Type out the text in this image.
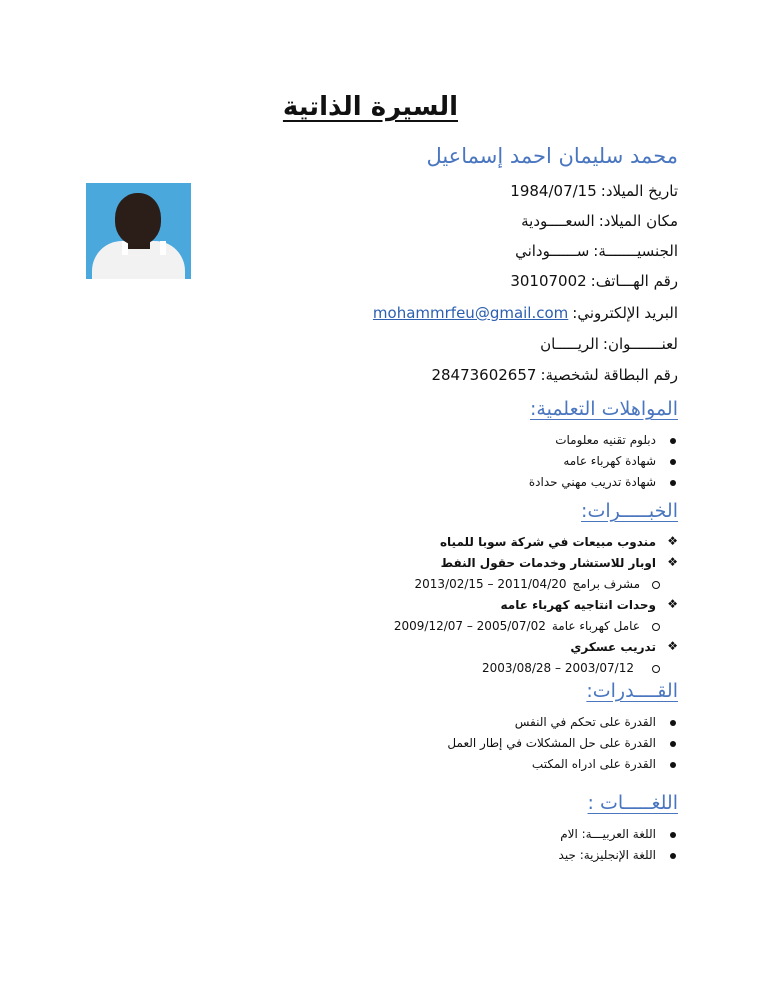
السيرة الذاتية
محمد سليمان احمد إسماعيل
تاريخ الميلاد:1984/07/15
مكان الميلاد:السعــــودية
الجنسيـــــــة:ســــــوداني
رقم الهـــاتف:30107002
البريد الإلكتروني:mohammrfeu@gmail.com
لعنـــــــوان:الريـــــان
رقم البطاقة لشخصية:28473602657
المواهلات التعلمية:
دبلوم تقنيه معلومات
شهادة كهرباء عامه
شهادة تدريب مهني حدادة
الخبـــــرات:
❖
مندوب مبيعات في شركة سوبا للمياه
❖
اوبار للاستشار وخدمات حقول النفط
مشرف برامج2011/04/20 – 2013/02/15
❖
وحدات انتاجيه كهرباء عامه
عامل كهرباء عامة2005/07/02 – 2009/12/07
❖
تدريب عسكري
2003/07/12 – 2003/08/28
القــــدرات:
القدرة على تحكم في النفس
القدرة على حل المشكلات في إطار العمل
القدرة على ادراه المكتب
اللغـــــات :
اللغة العربيـــة: الام
اللغة الإنجليزية: جيد
